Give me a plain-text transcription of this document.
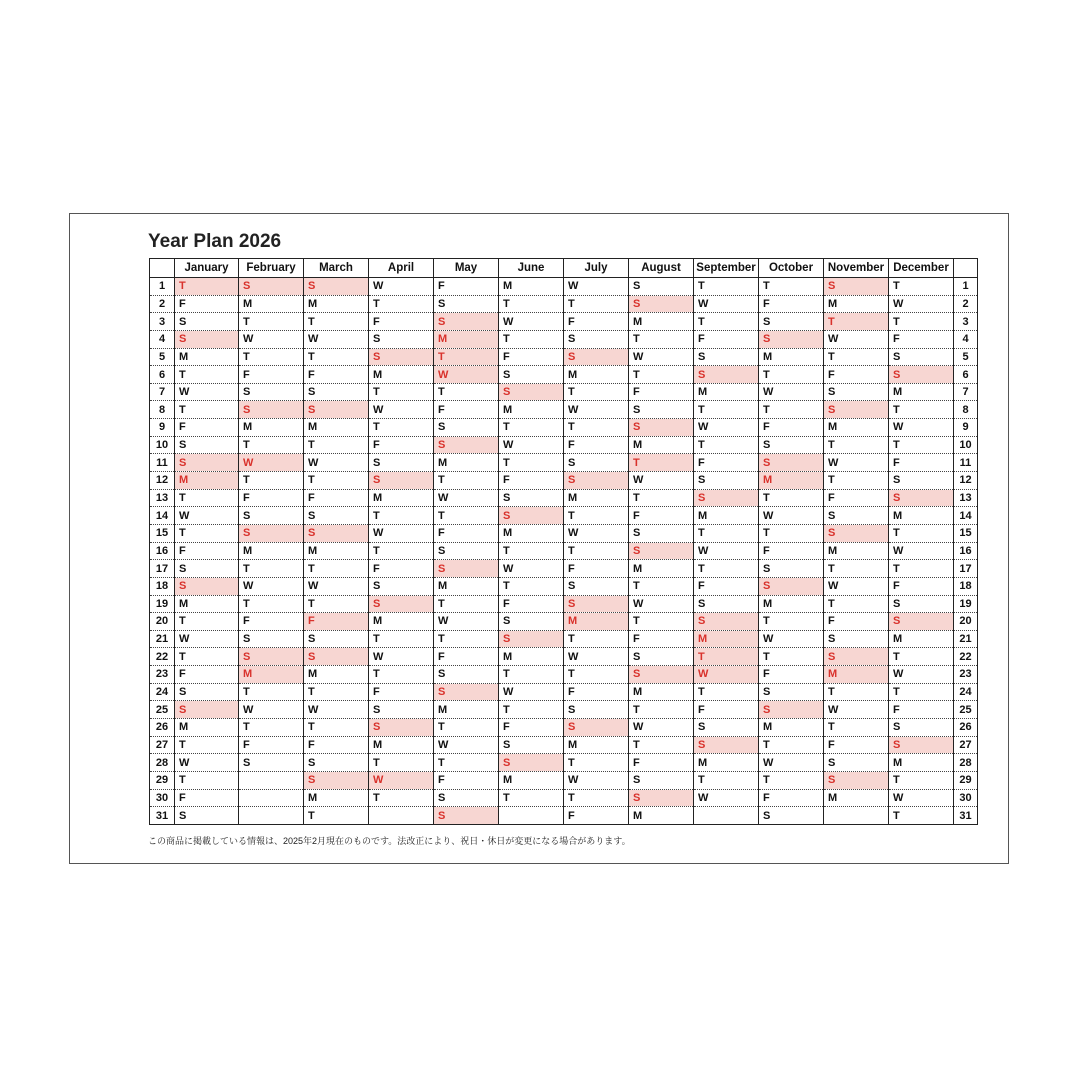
Year Plan 2026
	January	February	March	April	May	June	July	August	September	October	November	December	
1	T	S	S	W	F	M	W	S	T	T	S	T	1
2	F	M	M	T	S	T	T	S	W	F	M	W	2
3	S	T	T	F	S	W	F	M	T	S	T	T	3
4	S	W	W	S	M	T	S	T	F	S	W	F	4
5	M	T	T	S	T	F	S	W	S	M	T	S	5
6	T	F	F	M	W	S	M	T	S	T	F	S	6
7	W	S	S	T	T	S	T	F	M	W	S	M	7
8	T	S	S	W	F	M	W	S	T	T	S	T	8
9	F	M	M	T	S	T	T	S	W	F	M	W	9
10	S	T	T	F	S	W	F	M	T	S	T	T	10
11	S	W	W	S	M	T	S	T	F	S	W	F	11
12	M	T	T	S	T	F	S	W	S	M	T	S	12
13	T	F	F	M	W	S	M	T	S	T	F	S	13
14	W	S	S	T	T	S	T	F	M	W	S	M	14
15	T	S	S	W	F	M	W	S	T	T	S	T	15
16	F	M	M	T	S	T	T	S	W	F	M	W	16
17	S	T	T	F	S	W	F	M	T	S	T	T	17
18	S	W	W	S	M	T	S	T	F	S	W	F	18
19	M	T	T	S	T	F	S	W	S	M	T	S	19
20	T	F	F	M	W	S	M	T	S	T	F	S	20
21	W	S	S	T	T	S	T	F	M	W	S	M	21
22	T	S	S	W	F	M	W	S	T	T	S	T	22
23	F	M	M	T	S	T	T	S	W	F	M	W	23
24	S	T	T	F	S	W	F	M	T	S	T	T	24
25	S	W	W	S	M	T	S	T	F	S	W	F	25
26	M	T	T	S	T	F	S	W	S	M	T	S	26
27	T	F	F	M	W	S	M	T	S	T	F	S	27
28	W	S	S	T	T	S	T	F	M	W	S	M	28
29	T		S	W	F	M	W	S	T	T	S	T	29
30	F		M	T	S	T	T	S	W	F	M	W	30
31	S		T		S		F	M		S		T	31

この商品に掲載している情報は、2025年2月現在のものです。法改正により、祝日・休日が変更になる場合があります。
